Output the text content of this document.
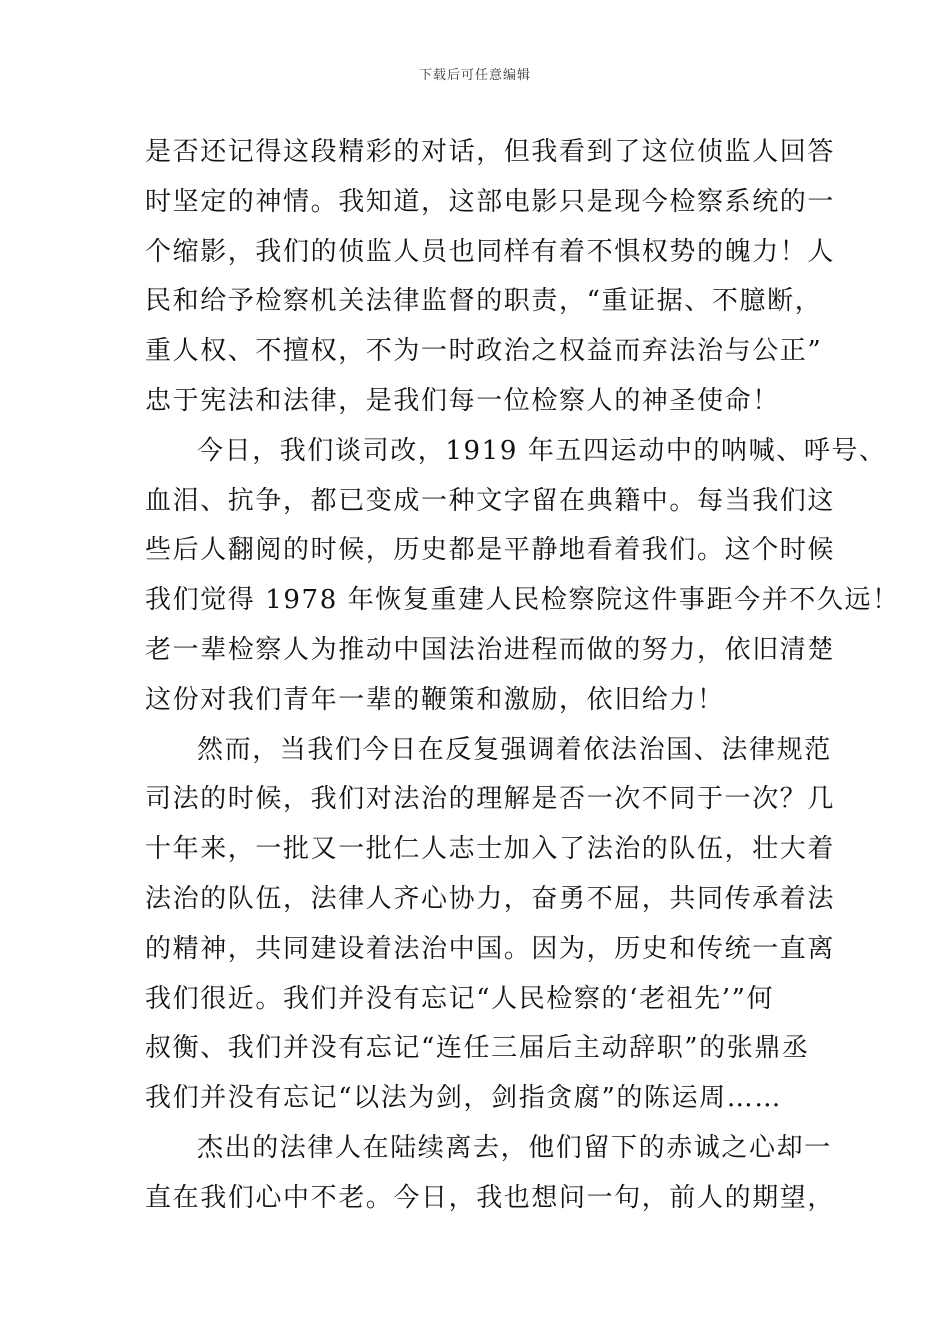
下载后可任意编辑
是否还记得这段精彩的对话，但我看到了这位侦监人回答
时坚定的神情。我知道，这部电影只是现今检察系统的一
个缩影，我们的侦监人员也同样有着不惧权势的魄力！人
民和给予检察机关法律监督的职责，“重证据、不臆断，
重人权、不擅权，不为一时政治之权益而弃法治与公正”
忠于宪法和法律，是我们每一位检察人的神圣使命！
今日，我们谈司改，1919 年五四运动中的呐喊、呼号、
血泪、抗争，都已变成一种文字留在典籍中。每当我们这
些后人翻阅的时候，历史都是平静地看着我们。这个时候
我们觉得 1978 年恢复重建人民检察院这件事距今并不久远！
老一辈检察人为推动中国法治进程而做的努力，依旧清楚
这份对我们青年一辈的鞭策和激励，依旧给力！
然而，当我们今日在反复强调着依法治国、法律规范
司法的时候，我们对法治的理解是否一次不同于一次？几
十年来，一批又一批仁人志士加入了法治的队伍，壮大着
法治的队伍，法律人齐心协力，奋勇不屈，共同传承着法
的精神，共同建设着法治中国。因为，历史和传统一直离
我们很近。我们并没有忘记“人民检察的‘老祖先’”何
叔衡、我们并没有忘记“连任三届后主动辞职”的张鼎丞
我们并没有忘记“以法为剑，剑指贪腐”的陈运周……
杰出的法律人在陆续离去，他们留下的赤诚之心却一
直在我们心中不老。今日，我也想问一句，前人的期望，
